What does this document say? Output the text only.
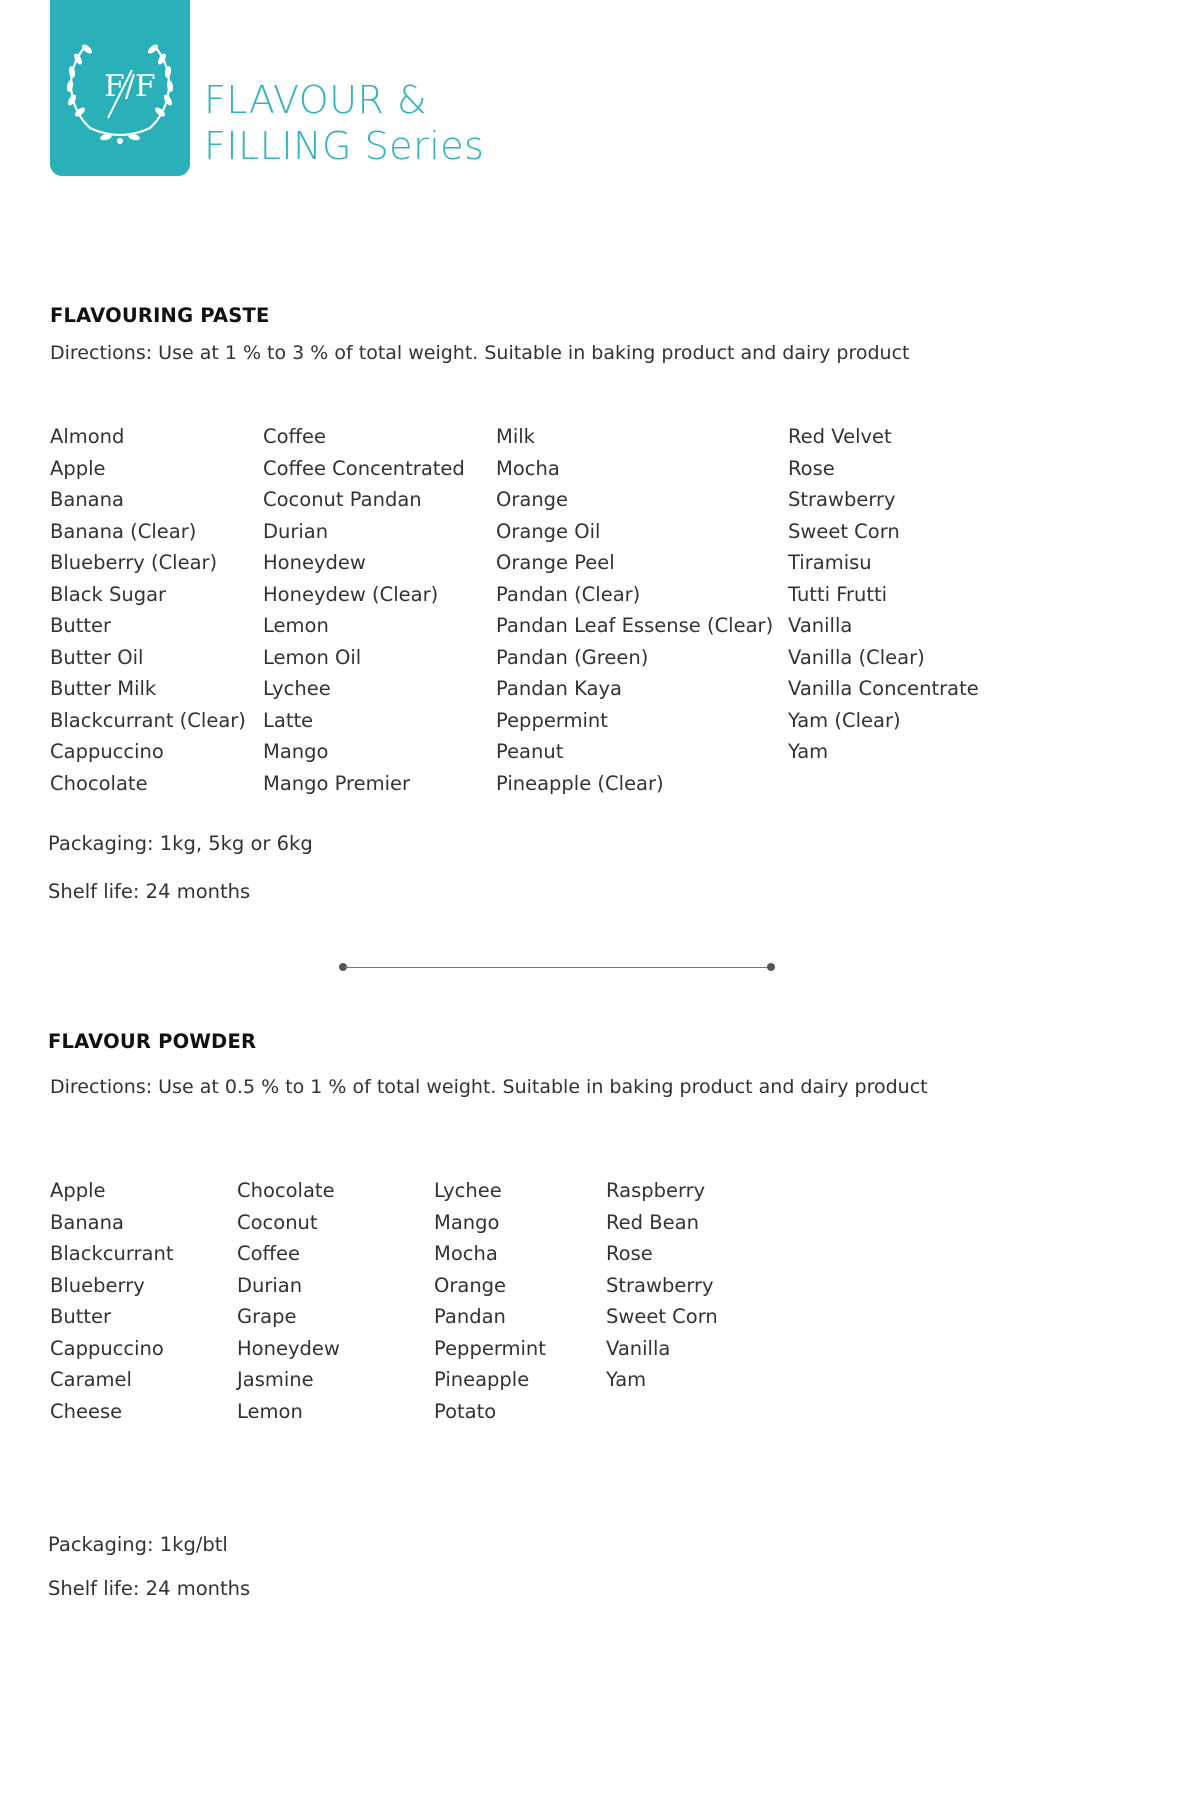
F/F FLAVOUR &
FILLING Series
FLAVOURING PASTE
Directions: Use at 1 % to 3 % of total weight. Suitable in baking product and dairy product
Almond
Apple
Banana
Banana (Clear)
Blueberry (Clear)
Black Sugar
Butter
Butter Oil
Butter Milk
Blackcurrant (Clear)
Cappuccino
Chocolate
Coffee
Coffee Concentrated
Coconut Pandan
Durian
Honeydew
Honeydew (Clear)
Lemon
Lemon Oil
Lychee
Latte
Mango
Mango Premier
Milk
Mocha
Orange
Orange Oil
Orange Peel
Pandan (Clear)
Pandan Leaf Essense (Clear)
Pandan (Green)
Pandan Kaya
Peppermint
Peanut
Pineapple (Clear)
Red Velvet
Rose
Strawberry
Sweet Corn
Tiramisu
Tutti Frutti
Vanilla
Vanilla (Clear)
Vanilla Concentrate
Yam (Clear)
Yam
Packaging: 1kg, 5kg or 6kg
Shelf life: 24 months
FLAVOUR POWDER
Directions: Use at 0.5 % to 1 % of total weight. Suitable in baking product and dairy product
Apple
Banana
Blackcurrant
Blueberry
Butter
Cappuccino
Caramel
Cheese
Chocolate
Coconut
Coffee
Durian
Grape
Honeydew
Jasmine
Lemon
Lychee
Mango
Mocha
Orange
Pandan
Peppermint
Pineapple
Potato
Raspberry
Red Bean
Rose
Strawberry
Sweet Corn
Vanilla
Yam
Packaging: 1kg/btl
Shelf life: 24 months
